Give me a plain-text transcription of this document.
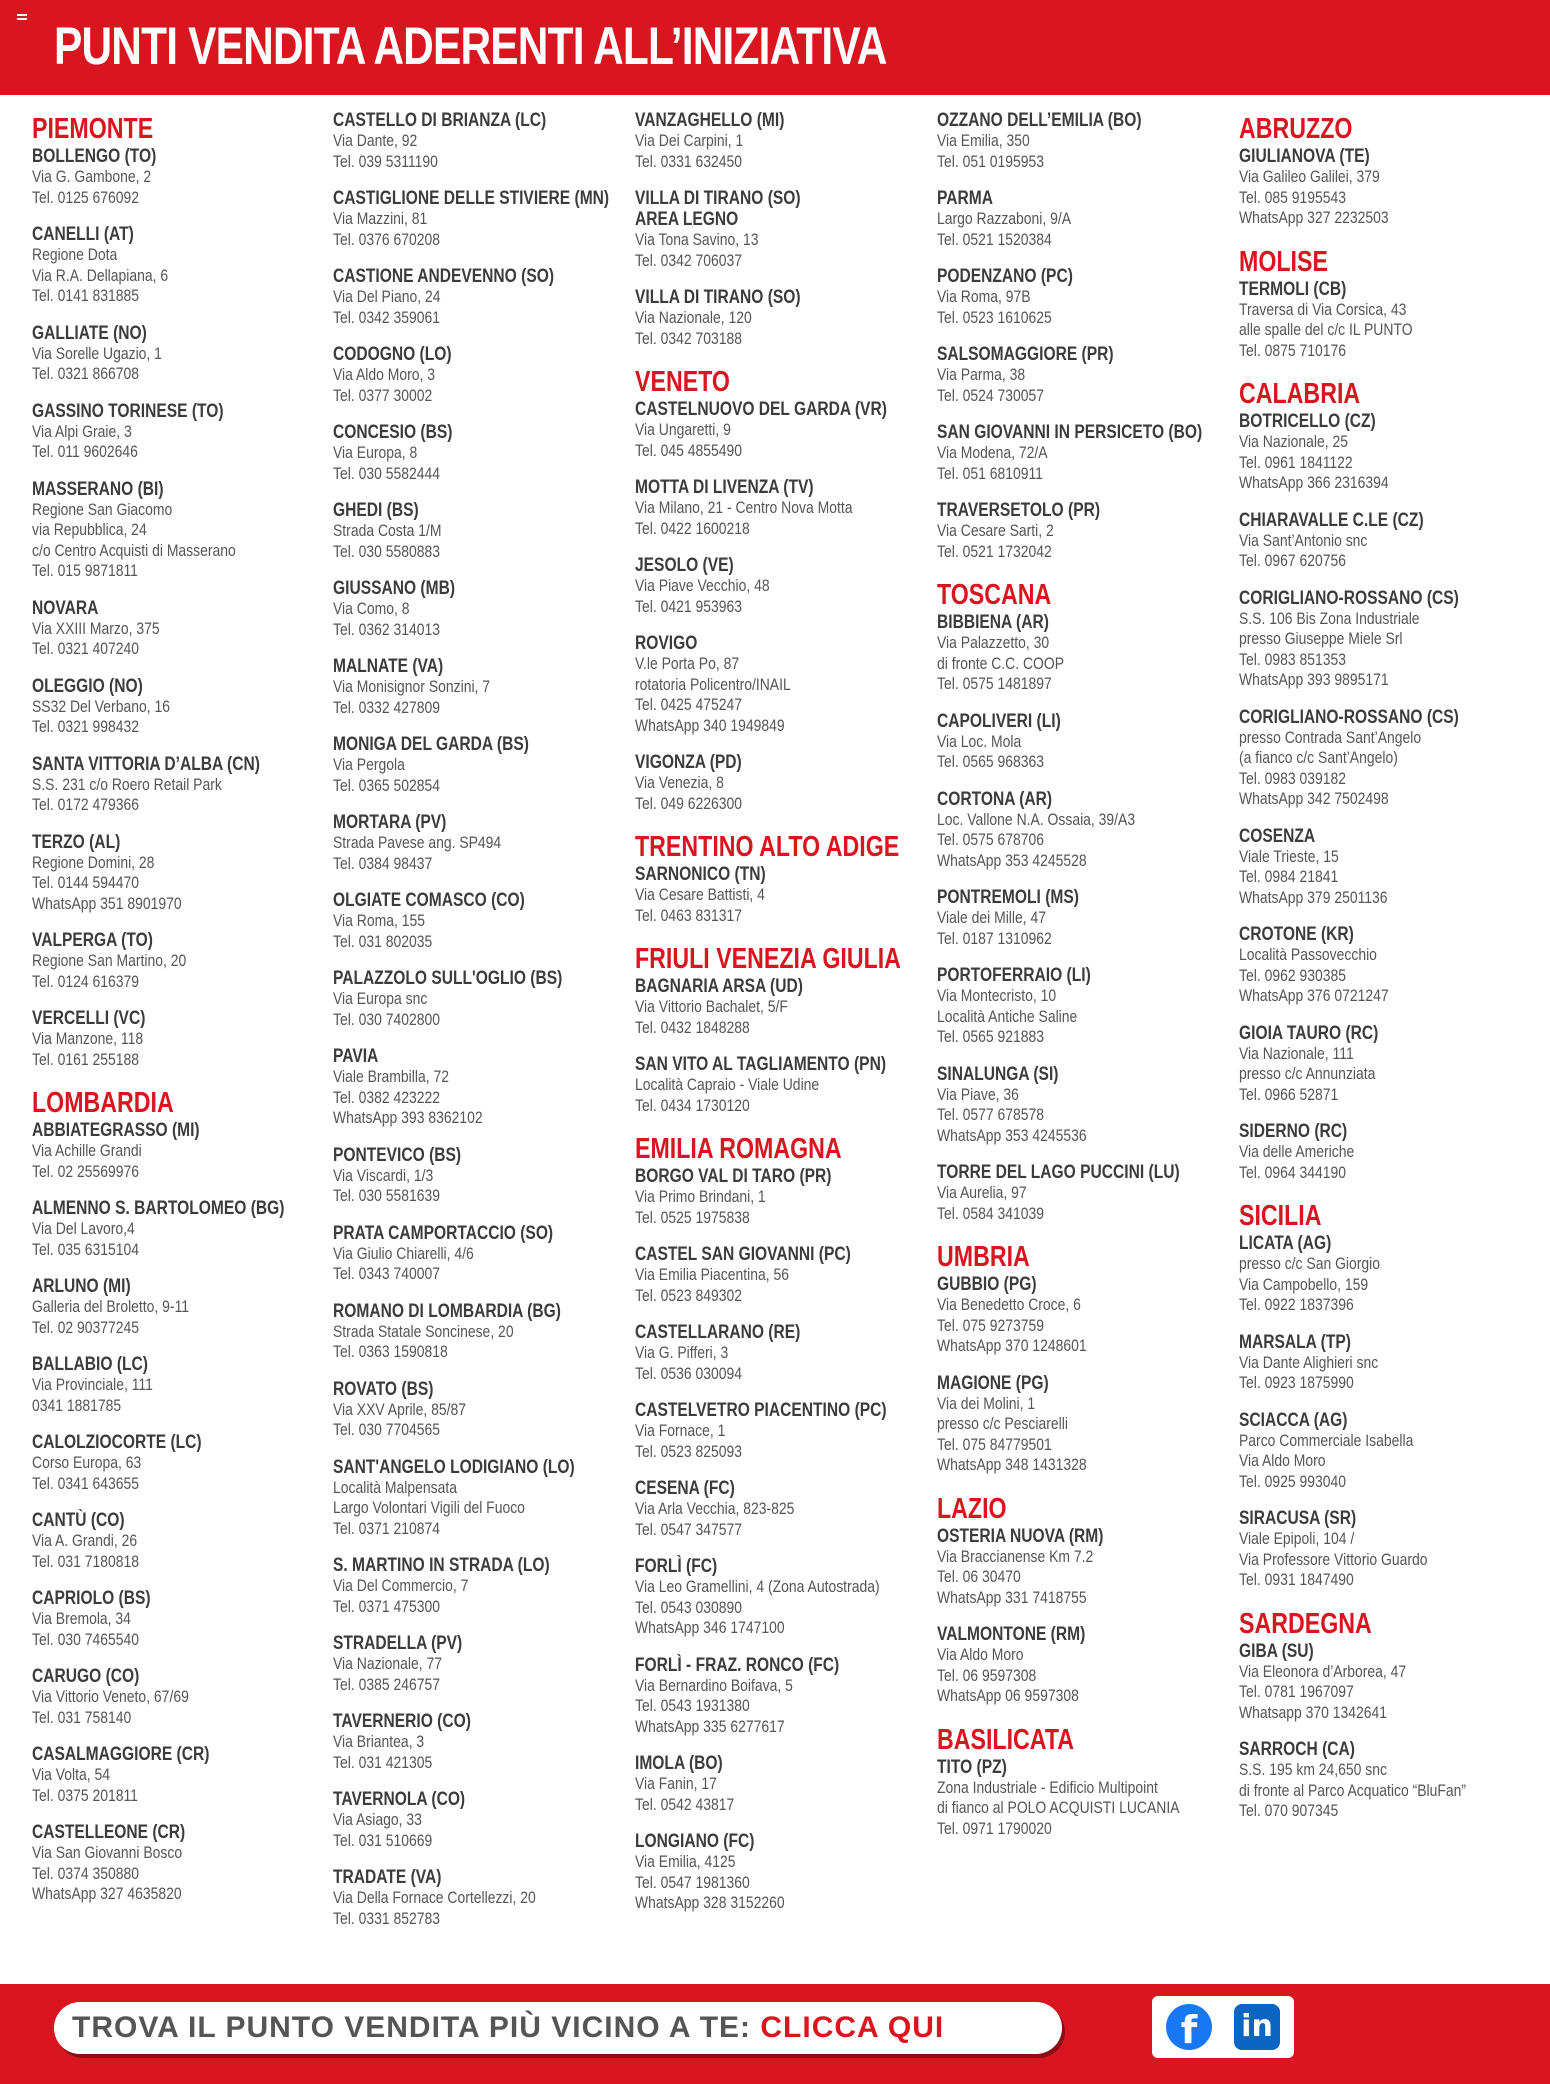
PUNTI VENDITA ADERENTI ALL’INIZIATIVA
PIEMONTE
BOLLENGO (TO)
Via G. Gambone, 2
Tel. 0125 676092
CANELLI (AT)
Regione Dota
Via R.A. Dellapiana, 6
Tel. 0141 831885
GALLIATE (NO)
Via Sorelle Ugazio, 1
Tel. 0321 866708
GASSINO TORINESE (TO)
Via Alpi Graie, 3
Tel. 011 9602646
MASSERANO (BI)
Regione San Giacomo
via Repubblica, 24
c/o Centro Acquisti di Masserano
Tel. 015 9871811
NOVARA
Via XXIII Marzo, 375
Tel. 0321 407240
OLEGGIO (NO)
SS32 Del Verbano, 16
Tel. 0321 998432
SANTA VITTORIA D’ALBA (CN)
S.S. 231 c/o Roero Retail Park
Tel. 0172 479366
TERZO (AL)
Regione Domini, 28
Tel. 0144 594470
WhatsApp 351 8901970
VALPERGA (TO)
Regione San Martino, 20
Tel. 0124 616379
VERCELLI (VC)
Via Manzone, 118
Tel. 0161 255188
LOMBARDIA
ABBIATEGRASSO (MI)
Via Achille Grandi
Tel. 02 25569976
ALMENNO S. BARTOLOMEO (BG)
Via Del Lavoro,4
Tel. 035 6315104
ARLUNO (MI)
Galleria del Broletto, 9-11
Tel. 02 90377245
BALLABIO (LC)
Via Provinciale, 111
0341 1881785
CALOLZIOCORTE (LC)
Corso Europa, 63
Tel. 0341 643655
CANTÙ (CO)
Via A. Grandi, 26
Tel. 031 7180818
CAPRIOLO (BS)
Via Bremola, 34
Tel. 030 7465540
CARUGO (CO)
Via Vittorio Veneto, 67/69
Tel. 031 758140
CASALMAGGIORE (CR)
Via Volta, 54
Tel. 0375 201811
CASTELLEONE (CR)
Via San Giovanni Bosco
Tel. 0374 350880
WhatsApp 327 4635820
CASTELLO DI BRIANZA (LC)
Via Dante, 92
Tel. 039 5311190
CASTIGLIONE DELLE STIVIERE (MN)
Via Mazzini, 81
Tel. 0376 670208
CASTIONE ANDEVENNO (SO)
Via Del Piano, 24
Tel. 0342 359061
CODOGNO (LO)
Via Aldo Moro, 3
Tel. 0377 30002
CONCESIO (BS)
Via Europa, 8
Tel. 030 5582444
GHEDI (BS)
Strada Costa 1/M
Tel. 030 5580883
GIUSSANO (MB)
Via Como, 8
Tel. 0362 314013
MALNATE (VA)
Via Monisignor Sonzini, 7
Tel. 0332 427809
MONIGA DEL GARDA (BS)
Via Pergola
Tel. 0365 502854
MORTARA (PV)
Strada Pavese ang. SP494
Tel. 0384 98437
OLGIATE COMASCO (CO)
Via Roma, 155
Tel. 031 802035
PALAZZOLO SULL'OGLIO (BS)
Via Europa snc
Tel. 030 7402800
PAVIA
Viale Brambilla, 72
Tel. 0382 423222
WhatsApp 393 8362102
PONTEVICO (BS)
Via Viscardi, 1/3
Tel. 030 5581639
PRATA CAMPORTACCIO (SO)
Via Giulio Chiarelli, 4/6
Tel. 0343 740007
ROMANO DI LOMBARDIA (BG)
Strada Statale Soncinese, 20
Tel. 0363 1590818
ROVATO (BS)
Via XXV Aprile, 85/87
Tel. 030 7704565
SANT'ANGELO LODIGIANO (LO)
Località Malpensata
Largo Volontari Vigili del Fuoco
Tel. 0371 210874
S. MARTINO IN STRADA (LO)
Via Del Commercio, 7
Tel. 0371 475300
STRADELLA (PV)
Via Nazionale, 77
Tel. 0385 246757
TAVERNERIO (CO)
Via Briantea, 3
Tel. 031 421305
TAVERNOLA (CO)
Via Asiago, 33
Tel. 031 510669
TRADATE (VA)
Via Della Fornace Cortellezzi, 20
Tel. 0331 852783
VANZAGHELLO (MI)
Via Dei Carpini, 1
Tel. 0331 632450
VILLA DI TIRANO (SO)
AREA LEGNO
Via Tona Savino, 13
Tel. 0342 706037
VILLA DI TIRANO (SO)
Via Nazionale, 120
Tel. 0342 703188
VENETO
CASTELNUOVO DEL GARDA (VR)
Via Ungaretti, 9
Tel. 045 4855490
MOTTA DI LIVENZA (TV)
Via Milano, 21 - Centro Nova Motta
Tel. 0422 1600218
JESOLO (VE)
Via Piave Vecchio, 48
Tel. 0421 953963
ROVIGO
V.le Porta Po, 87
rotatoria Policentro/INAIL
Tel. 0425 475247
WhatsApp 340 1949849
VIGONZA (PD)
Via Venezia, 8
Tel. 049 6226300
TRENTINO ALTO ADIGE
SARNONICO (TN)
Via Cesare Battisti, 4
Tel. 0463 831317
FRIULI VENEZIA GIULIA
BAGNARIA ARSA (UD)
Via Vittorio Bachalet, 5/F
Tel. 0432 1848288
SAN VITO AL TAGLIAMENTO (PN)
Località Capraio - Viale Udine
Tel. 0434 1730120
EMILIA ROMAGNA
BORGO VAL DI TARO (PR)
Via Primo Brindani, 1
Tel. 0525 1975838
CASTEL SAN GIOVANNI (PC)
Via Emilia Piacentina, 56
Tel. 0523 849302
CASTELLARANO (RE)
Via G. Pifferi, 3
Tel. 0536 030094
CASTELVETRO PIACENTINO (PC)
Via Fornace, 1
Tel. 0523 825093
CESENA (FC)
Via Arla Vecchia, 823-825
Tel. 0547 347577
FORLÌ (FC)
Via Leo Gramellini, 4 (Zona Autostrada)
Tel. 0543 030890
WhatsApp 346 1747100
FORLÌ - FRAZ. RONCO (FC)
Via Bernardino Boifava, 5
Tel. 0543 1931380
WhatsApp 335 6277617
IMOLA (BO)
Via Fanin, 17
Tel. 0542 43817
LONGIANO (FC)
Via Emilia, 4125
Tel. 0547 1981360
WhatsApp 328 3152260
OZZANO DELL’EMILIA (BO)
Via Emilia, 350
Tel. 051 0195953
PARMA
Largo Razzaboni, 9/A
Tel. 0521 1520384
PODENZANO (PC)
Via Roma, 97B
Tel. 0523 1610625
SALSOMAGGIORE (PR)
Via Parma, 38
Tel. 0524 730057
SAN GIOVANNI IN PERSICETO (BO)
Via Modena, 72/A
Tel. 051 6810911
TRAVERSETOLO (PR)
Via Cesare Sarti, 2
Tel. 0521 1732042
TOSCANA
BIBBIENA (AR)
Via Palazzetto, 30
di fronte C.C. COOP
Tel. 0575 1481897
CAPOLIVERI (LI)
Via Loc. Mola
Tel. 0565 968363
CORTONA (AR)
Loc. Vallone N.A. Ossaia, 39/A3
Tel. 0575 678706
WhatsApp 353 4245528
PONTREMOLI (MS)
Viale dei Mille, 47
Tel. 0187 1310962
PORTOFERRAIO (LI)
Via Montecristo, 10
Località Antiche Saline
Tel. 0565 921883
SINALUNGA (SI)
Via Piave, 36
Tel. 0577 678578
WhatsApp 353 4245536
TORRE DEL LAGO PUCCINI (LU)
Via Aurelia, 97
Tel. 0584 341039
UMBRIA
GUBBIO (PG)
Via Benedetto Croce, 6
Tel. 075 9273759
WhatsApp 370 1248601
MAGIONE (PG)
Via dei Molini, 1
presso c/c Pesciarelli
Tel. 075 84779501
WhatsApp 348 1431328
LAZIO
OSTERIA NUOVA (RM)
Via Braccianense Km 7.2
Tel. 06 30470
WhatsApp 331 7418755
VALMONTONE (RM)
Via Aldo Moro
Tel. 06 9597308
WhatsApp 06 9597308
BASILICATA
TITO (PZ)
Zona Industriale - Edificio Multipoint
di fianco al POLO ACQUISTI LUCANIA
Tel. 0971 1790020
ABRUZZO
GIULIANOVA (TE)
Via Galileo Galilei, 379
Tel. 085 9195543
WhatsApp 327 2232503
MOLISE
TERMOLI (CB)
Traversa di Via Corsica, 43
alle spalle del c/c IL PUNTO
Tel. 0875 710176
CALABRIA
BOTRICELLO (CZ)
Via Nazionale, 25
Tel. 0961 1841122
WhatsApp 366 2316394
CHIARAVALLE C.LE (CZ)
Via Sant’Antonio snc
Tel. 0967 620756
CORIGLIANO-ROSSANO (CS)
S.S. 106 Bis Zona Industriale
presso Giuseppe Miele Srl
Tel. 0983 851353
WhatsApp 393 9895171
CORIGLIANO-ROSSANO (CS)
presso Contrada Sant’Angelo
(a fianco c/c Sant’Angelo)
Tel. 0983 039182
WhatsApp 342 7502498
COSENZA
Viale Trieste, 15
Tel. 0984 21841
WhatsApp 379 2501136
CROTONE (KR)
Località Passovecchio
Tel. 0962 930385
WhatsApp 376 0721247
GIOIA TAURO (RC)
Via Nazionale, 111
presso c/c Annunziata
Tel. 0966 52871
SIDERNO (RC)
Via delle Americhe
Tel. 0964 344190
SICILIA
LICATA (AG)
presso c/c San Giorgio
Via Campobello, 159
Tel. 0922 1837396
MARSALA (TP)
Via Dante Alighieri snc
Tel. 0923 1875990
SCIACCA (AG)
Parco Commerciale Isabella
Via Aldo Moro
Tel. 0925 993040
SIRACUSA (SR)
Viale Epipoli, 104 /
Via Professore Vittorio Guardo
Tel. 0931 1847490
SARDEGNA
GIBA (SU)
Via Eleonora d’Arborea, 47
Tel. 0781 1967097
Whatsapp 370 1342641
SARROCH (CA)
S.S. 195 km 24,650 snc
di fronte al Parco Acquatico “BluFan”
Tel. 070 907345
TROVA IL PUNTO VENDITA PIÙ VICINO A TE: CLICCA QUI	f	in
